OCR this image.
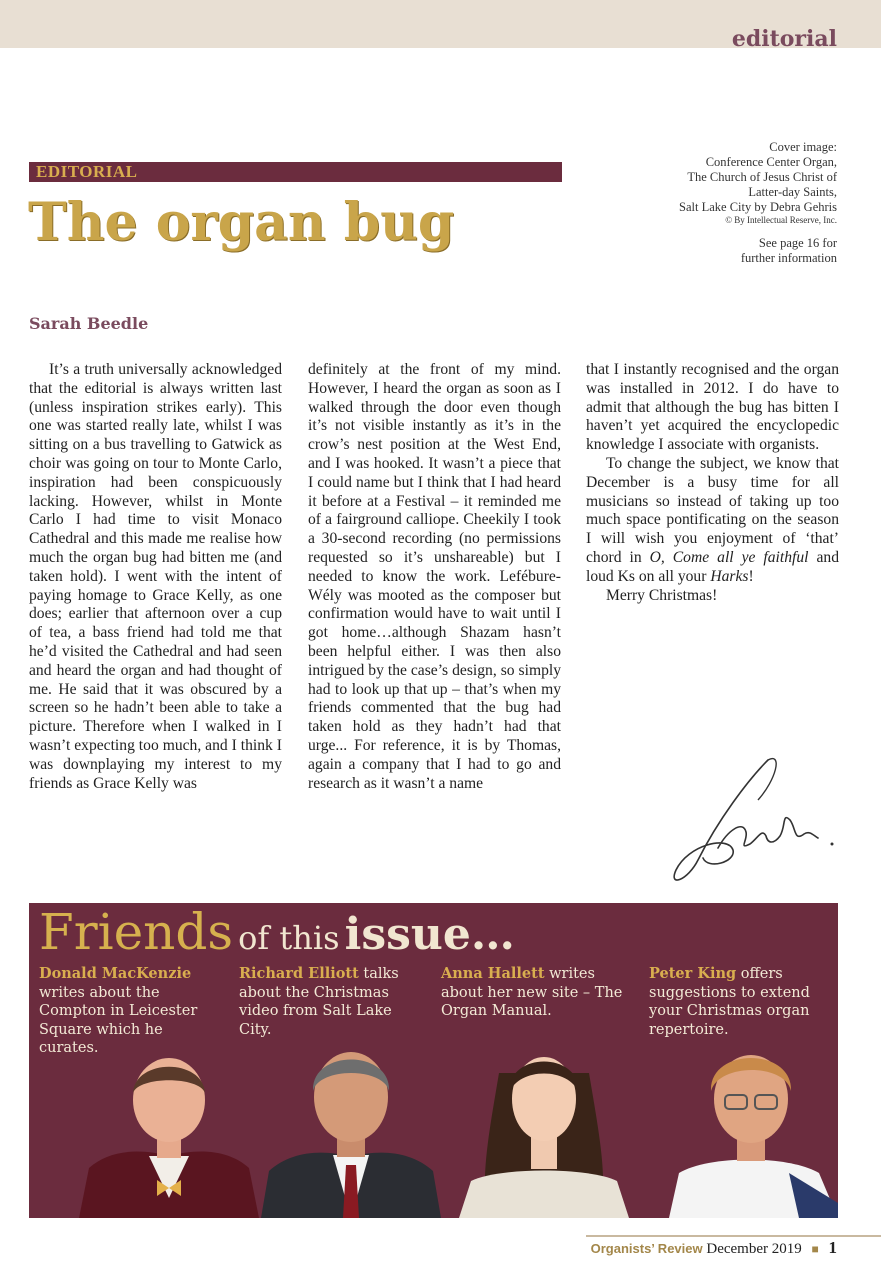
editorial
Cover image:
Conference Center Organ,
The Church of Jesus Christ of
Latter-day Saints,
Salt Lake City by Debra Gehris
© By Intellectual Reserve, Inc.
See page 16 for
further information
EDITORIAL
The organ bug
Sarah Beedle

It’s a truth universally acknowledged that the editorial is always written last (unless inspiration strikes early). This one was started really late, whilst I was sitting on a bus travelling to Gatwick as choir was going on tour to Monte Carlo, inspiration had been conspicuously lacking. However, whilst in Monte Carlo I had time to visit Monaco Cathedral and this made me realise how much the organ bug had bitten me (and taken hold). I went with the intent of paying homage to Grace Kelly, as one does; earlier that afternoon over a cup of tea, a bass friend had told me that he’d visited the Cathedral and had seen and heard the organ and had thought of me. He said that it was obscured by a screen so he hadn’t been able to take a picture. Therefore when I walked in I wasn’t expecting too much, and I think I was downplaying my interest to my friends as Grace Kelly was

definitely at the front of my mind. However, I heard the organ as soon as I walked through the door even though it’s not visible instantly as it’s in the crow’s nest position at the West End, and I was hooked. It wasn’t a piece that I could name but I think that I had heard it before at a Festival – it reminded me of a fairground calliope. Cheekily I took a 30-second recording (no permissions requested so it’s unshareable) but I needed to know the work. Lefébure-Wély was mooted as the composer but confirmation would have to wait until I got home…although Shazam hasn’t been helpful either. I was then also intrigued by the case’s design, so simply had to look up that up – that’s when my friends commented that the bug had taken hold as they hadn’t had that urge... For reference, it is by Thomas, again a company that I had to go and research as it wasn’t a name

that I instantly recognised and the organ was installed in 2012. I do have to admit that although the bug has bitten I haven’t yet acquired the encyclopedic knowledge I associate with organists.

To change the subject, we know that December is a busy time for all musicians so instead of taking up too much space pontificating on the season I will wish you enjoyment of ‘that’ chord in O, Come all ye faithful and loud Ks on all your Harks!

Merry Christmas!

Friends of this issue…
Donald MacKenzie writes about the Compton in Leicester Square which he curates.
Richard Elliott talks about the Christmas video from Salt Lake City.
Anna Hallett writes about her new site – The Organ Manual.
Peter King offers suggestions to extend your Christmas organ repertoire.
Organists’ Review December 2019 ■ 1
